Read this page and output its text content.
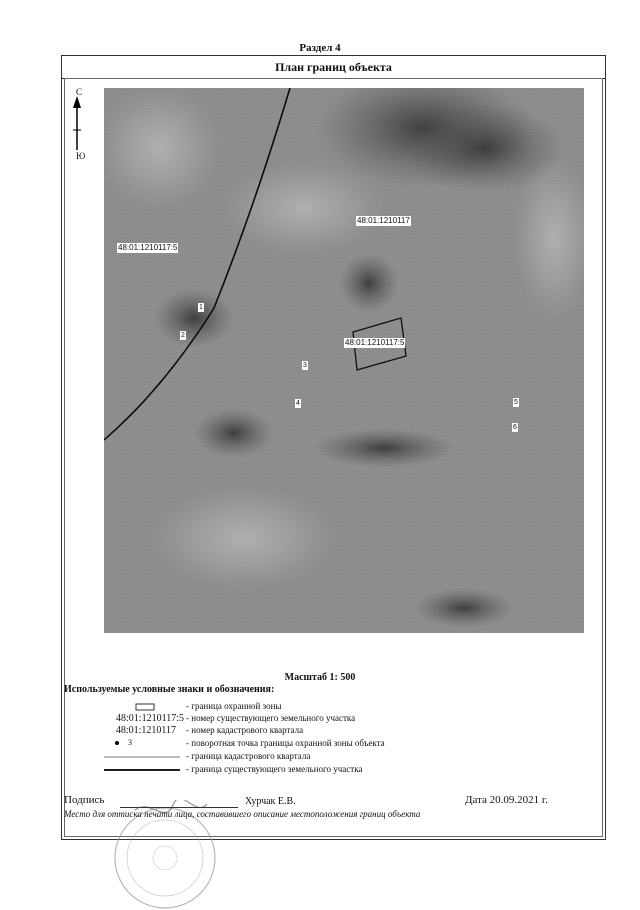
Раздел 4
План границ объекта
С
Ю
48:01:1210117
48:01:1210117:5
48:01:1210117:5
1
2
3
4	5
6
Масштаб 1: 500
Используемые условные знаки и обозначения:
- граница охранной зоны
48:01:1210117:5 - номер существующего земельного участка
48:01:1210117 - номер кадастрового квартала
3	- поворотная точка границы охранной зоны объекта
- граница кадастрового квартала
- граница существующего земельного участка
Подпись	Хурчак Е.В.	Дата 20.09.2021 г.
Место для оттиска печати лица, составившего описание местоположения границ объекта
